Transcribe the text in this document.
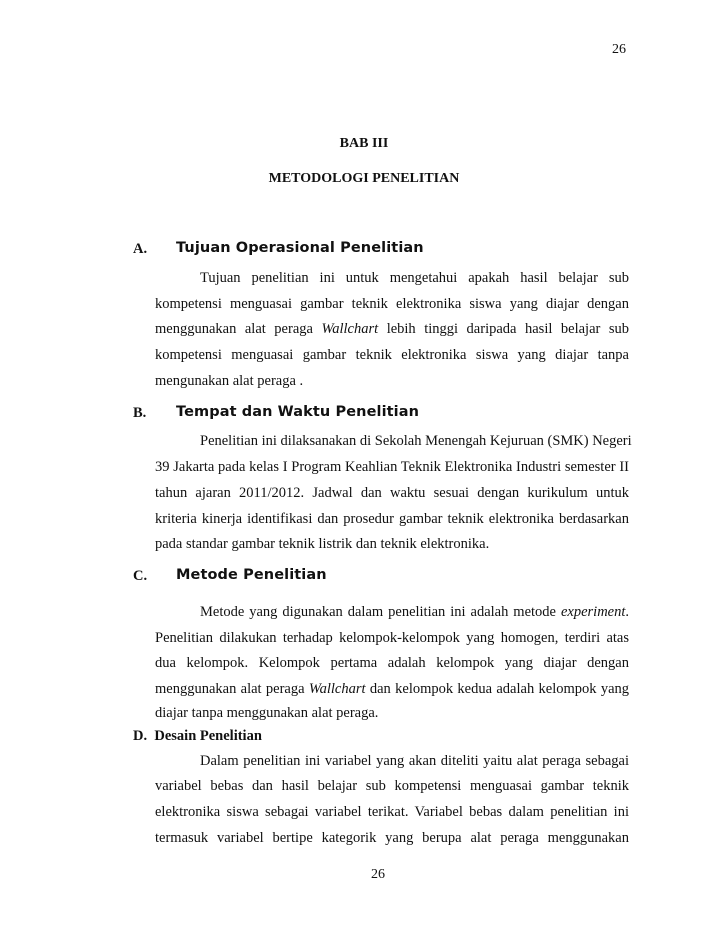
26
BAB III
METODOLOGI PENELITIAN
A. Tujuan Operasional Penelitian
Tujuan penelitian ini untuk mengetahui apakah hasil belajar sub
kompetensi menguasai gambar teknik elektronika siswa yang diajar dengan
menggunakan alat peraga Wallchart lebih tinggi daripada hasil belajar sub
kompetensi menguasai gambar teknik elektronika siswa yang diajar tanpa
mengunakan alat peraga .
B. Tempat dan Waktu Penelitian
Penelitian ini dilaksanakan di Sekolah Menengah Kejuruan (SMK) Negeri
39 Jakarta pada kelas I Program Keahlian Teknik Elektronika Industri semester II
tahun ajaran 2011/2012. Jadwal dan waktu sesuai dengan kurikulum untuk
kriteria kinerja identifikasi dan prosedur gambar teknik elektronika berdasarkan
pada standar gambar teknik listrik dan teknik elektronika.
C. Metode Penelitian
Metode yang digunakan dalam penelitian ini adalah metode experiment.
Penelitian dilakukan terhadap kelompok-kelompok yang homogen, terdiri atas
dua kelompok. Kelompok pertama adalah kelompok yang diajar dengan
menggunakan alat peraga Wallchart dan kelompok kedua adalah kelompok yang
diajar tanpa menggunakan alat peraga.
D. Desain Penelitian
Dalam penelitian ini variabel yang akan diteliti yaitu alat peraga sebagai
variabel bebas dan hasil belajar sub kompetensi menguasai gambar teknik
elektronika siswa sebagai variabel terikat. Variabel bebas dalam penelitian ini
termasuk variabel bertipe kategorik yang berupa alat peraga menggunakan
26
